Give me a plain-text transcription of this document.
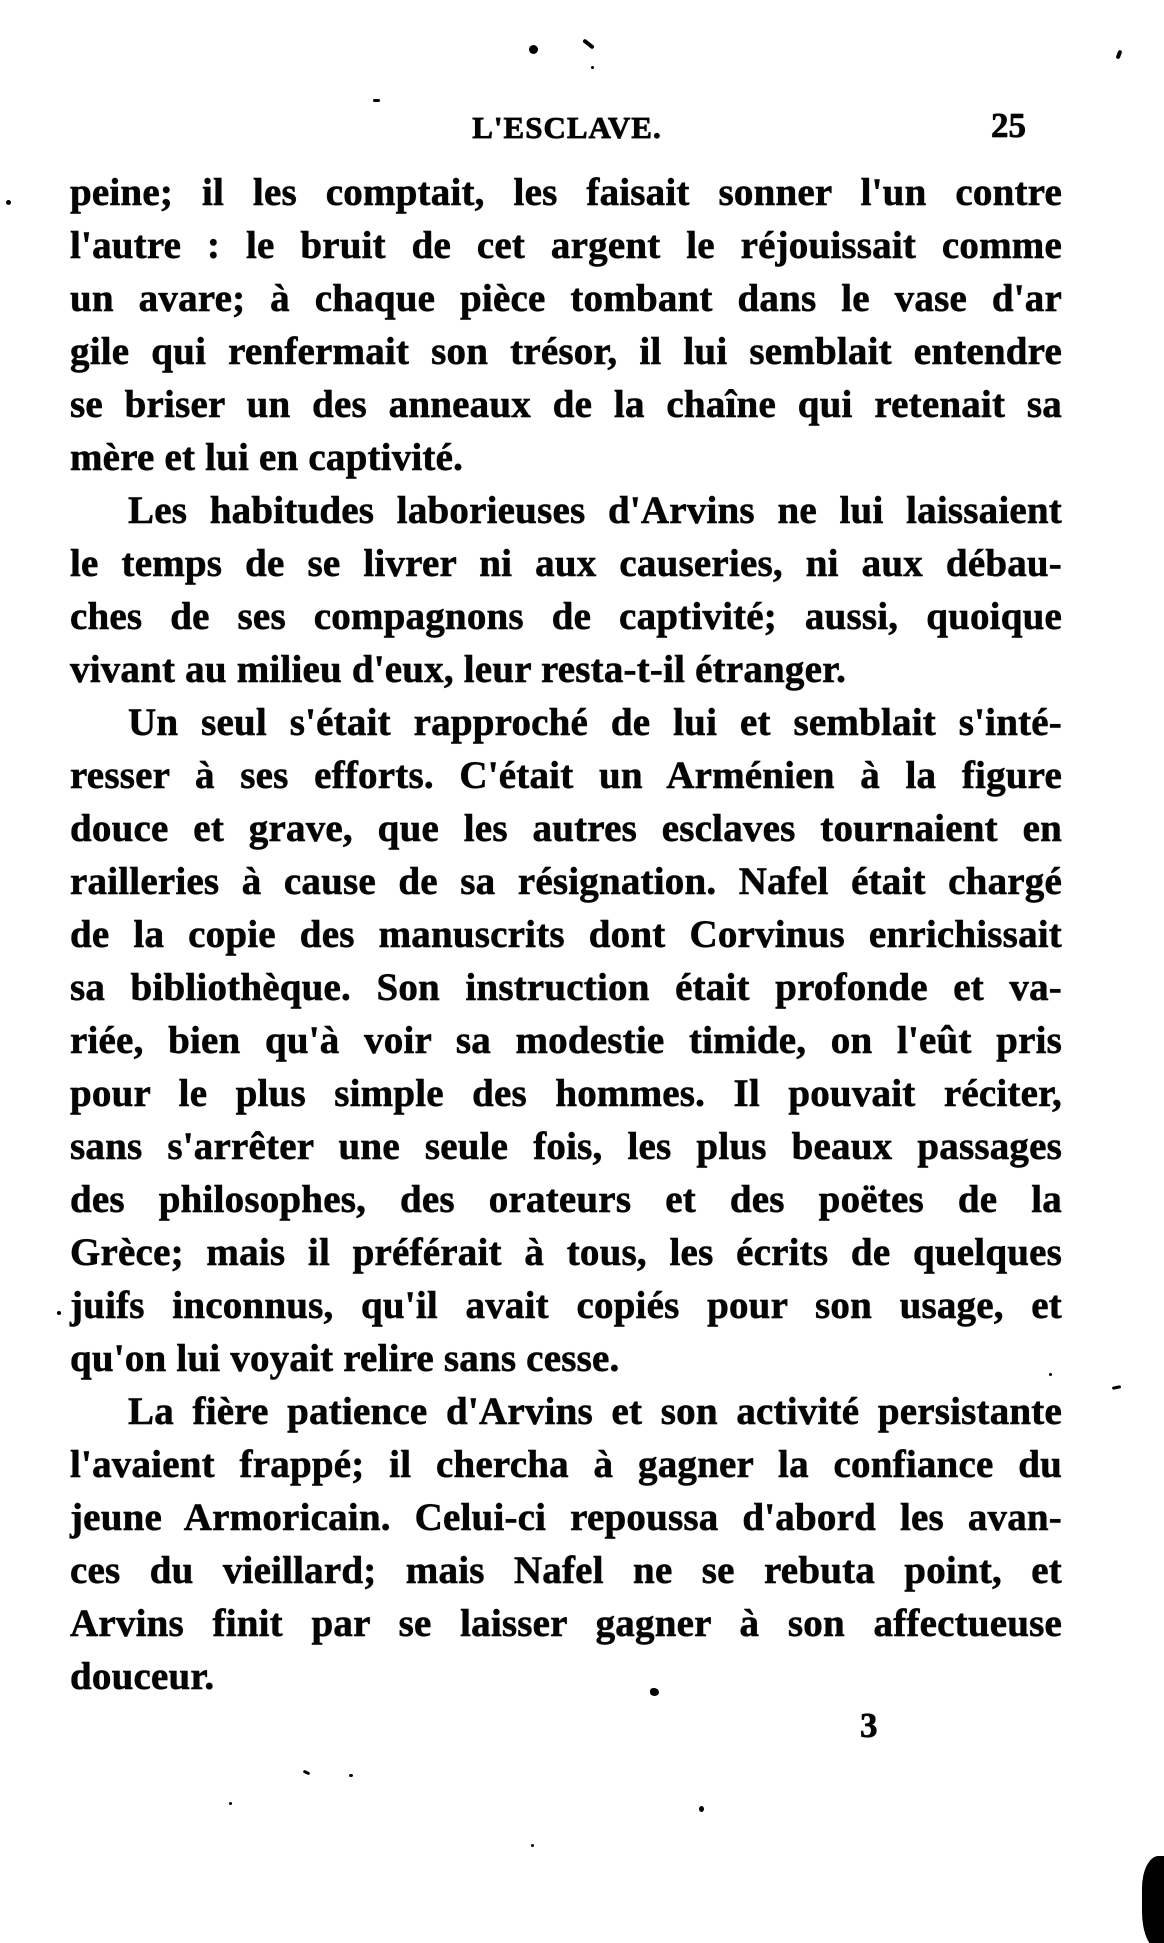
L'ESCLAVE.	25
peine; il les comptait, les faisait sonner l'un contre
l'autre : le bruit de cet argent le réjouissait comme
un avare; à chaque pièce tombant dans le vase d'ar
gile qui renfermait son trésor, il lui semblait entendre
se briser un des anneaux de la chaîne qui retenait sa
mère et lui en captivité.
Les habitudes laborieuses d'Arvins ne lui laissaient
le temps de se livrer ni aux causeries, ni aux débau-
ches de ses compagnons de captivité; aussi, quoique
vivant au milieu d'eux, leur resta-t-il étranger.
Un seul s'était rapproché de lui et semblait s'inté-
resser à ses efforts. C'était un Arménien à la figure
douce et grave, que les autres esclaves tournaient en
railleries à cause de sa résignation. Nafel était chargé
de la copie des manuscrits dont Corvinus enrichissait
sa bibliothèque. Son instruction était profonde et va-
riée, bien qu'à voir sa modestie timide, on l'eût pris
pour le plus simple des hommes. Il pouvait réciter,
sans s'arrêter une seule fois, les plus beaux passages
des philosophes, des orateurs et des poëtes de la
Grèce; mais il préférait à tous, les écrits de quelques
juifs inconnus, qu'il avait copiés pour son usage, et
qu'on lui voyait relire sans cesse.
La fière patience d'Arvins et son activité persistante
l'avaient frappé; il chercha à gagner la confiance du
jeune Armoricain. Celui-ci repoussa d'abord les avan-
ces du vieillard; mais Nafel ne se rebuta point, et
Arvins finit par se laisser gagner à son affectueuse
douceur.
3
